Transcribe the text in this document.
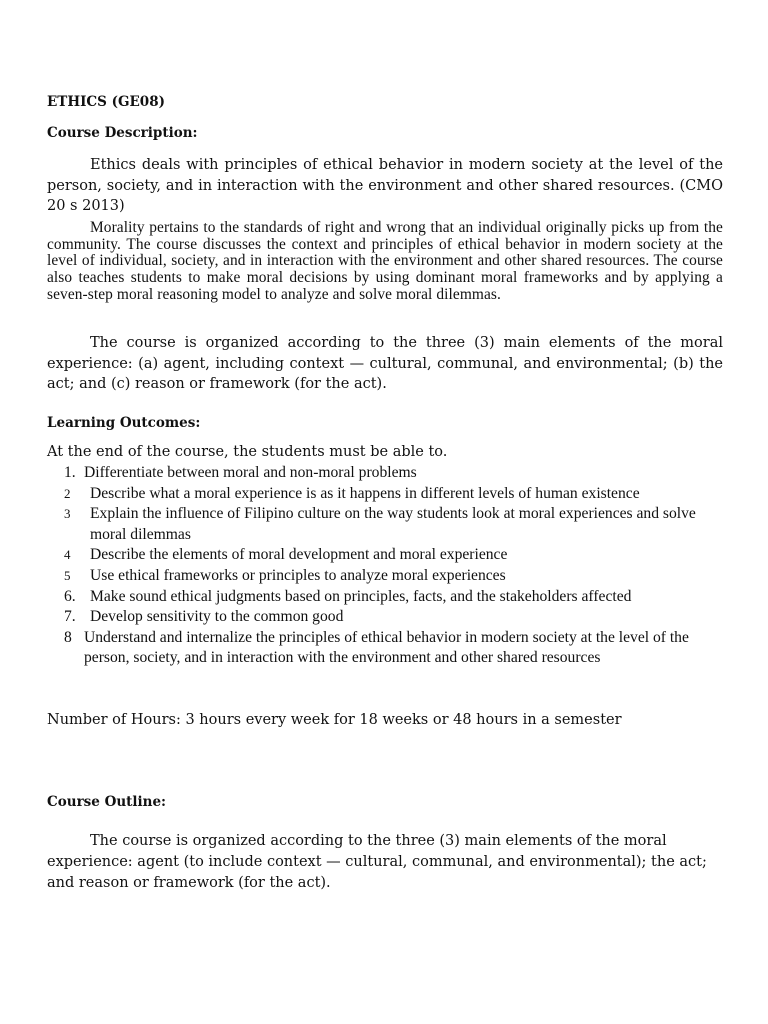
ETHICS (GE08)
Course Description:

Ethics deals with principles of ethical behavior in modern society at the level of the person, society, and in interaction with the environment and other shared resources. (CMO 20 s 2013)

Morality pertains to the standards of right and wrong that an individual originally picks up from the community. The course discusses the context and principles of ethical behavior in modern society at the level of individual, society, and in interaction with the environment and other shared resources. The course also teaches students to make moral decisions by using dominant moral frameworks and by applying a seven-step moral reasoning model to analyze and solve moral dilemmas.

The course is organized according to the three (3) main elements of the moral experience: (a) agent, including context — cultural, communal, and environmental; (b) the act; and (c) reason or framework (for the act).

Learning Outcomes:
At the end of the course, the students must be able to.
1. Differentiate between moral and non-moral problems
2	Describe what a moral experience is as it happens in different levels of human existence
3	Explain the influence of Filipino culture on the way students look at moral experiences and solve moral dilemmas
4	Describe the elements of moral development and moral experience
5	Use ethical frameworks or principles to analyze moral experiences
6. Make sound ethical judgments based on principles, facts, and the stakeholders affected
7. Develop sensitivity to the common good
8 Understand and internalize the principles of ethical behavior in modern society at the level of the person, society, and in interaction with the environment and other shared resources
Number of Hours: 3 hours every week for 18 weeks or 48 hours in a semester
Course Outline:
The course is organized according to the three (3) main elements of the moral
experience: agent (to include context — cultural, communal, and environmental); the act;
and reason or framework (for the act).
